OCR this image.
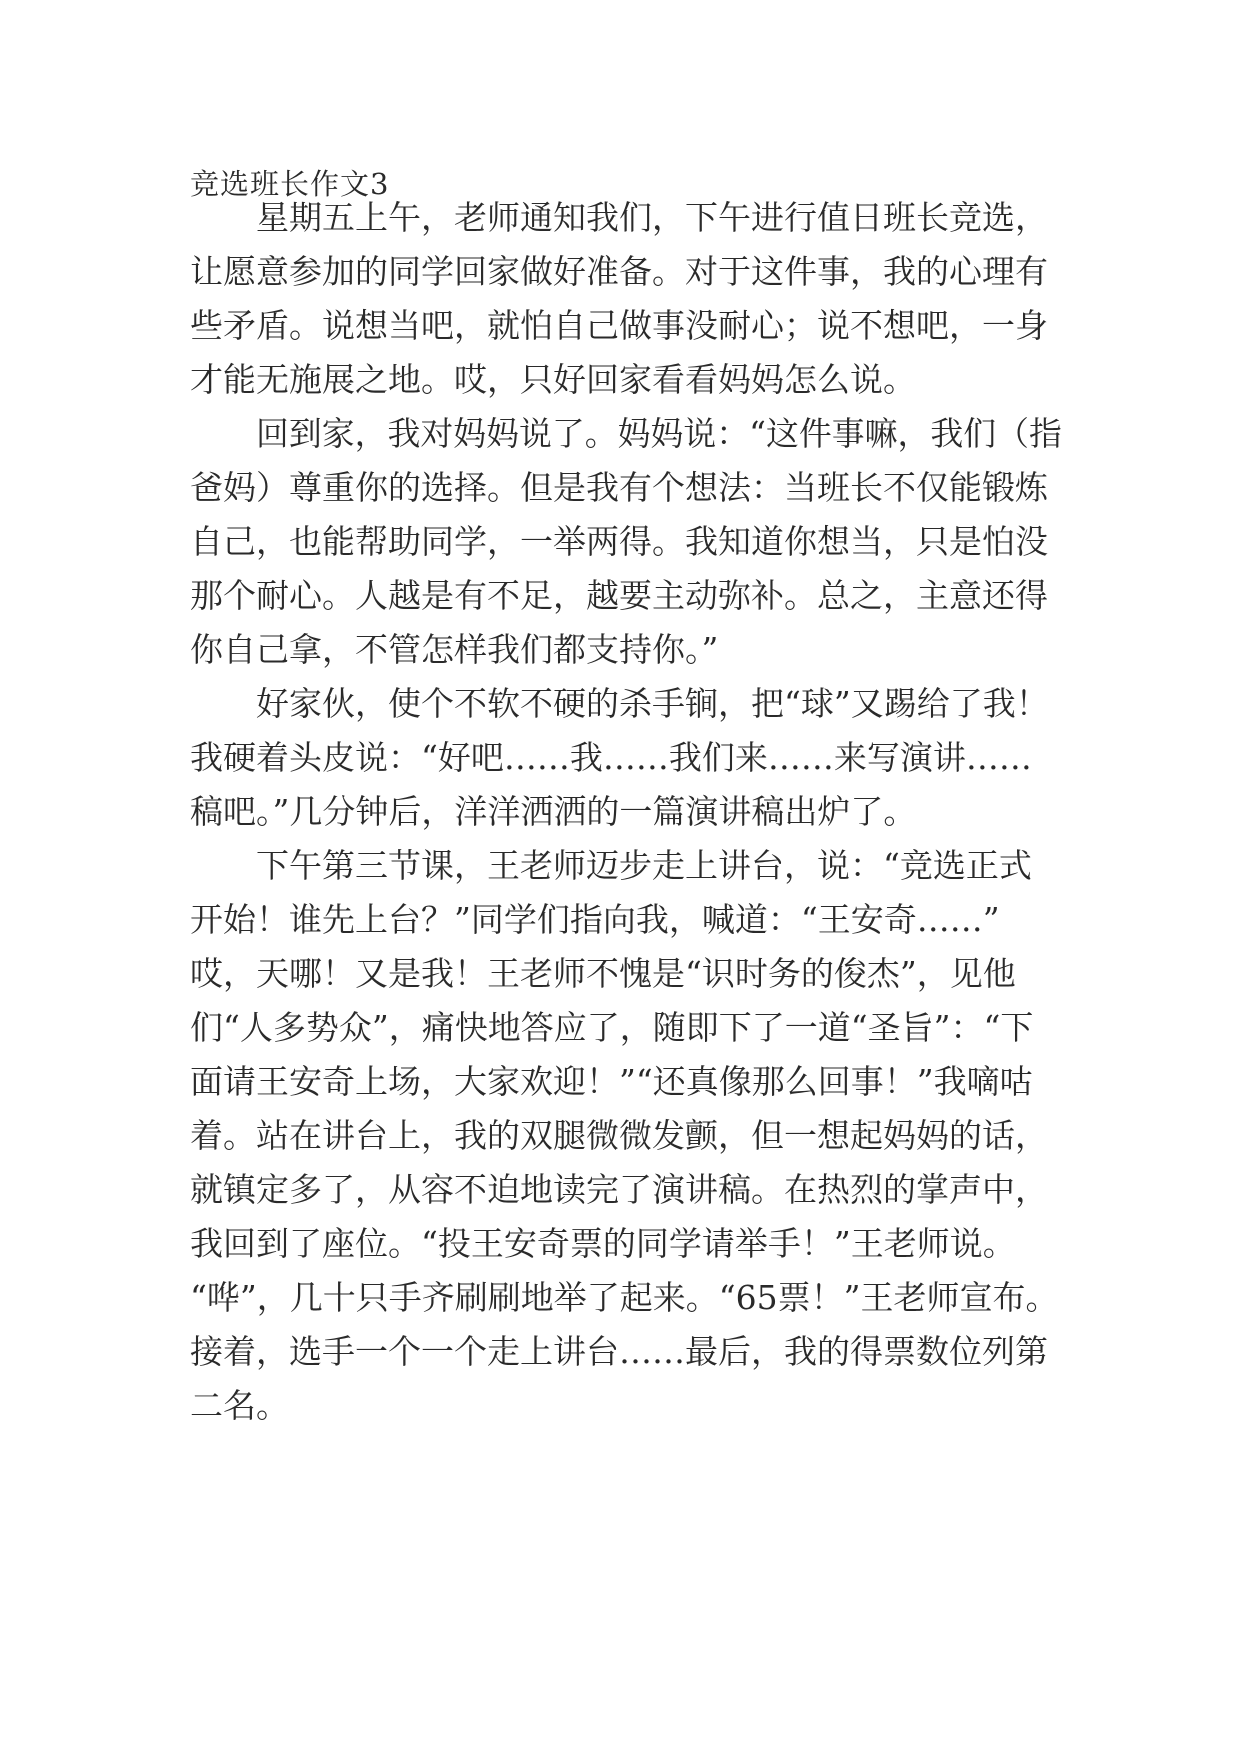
竞选班长作文3
星期五上午，老师通知我们，下午进行值日班长竞选，
让愿意参加的同学回家做好准备。对于这件事，我的心理有
些矛盾。说想当吧，就怕自己做事没耐心；说不想吧，一身
才能无施展之地。哎，只好回家看看妈妈怎么说。
回到家，我对妈妈说了。妈妈说：“这件事嘛，我们（指
爸妈）尊重你的选择。但是我有个想法：当班长不仅能锻炼
自己，也能帮助同学，一举两得。我知道你想当，只是怕没
那个耐心。人越是有不足，越要主动弥补。总之，主意还得
你自己拿，不管怎样我们都支持你。”
好家伙，使个不软不硬的杀手锏，把“球”又踢给了我！
我硬着头皮说：“好吧……我……我们来……来写演讲……
稿吧。”几分钟后，洋洋洒洒的一篇演讲稿出炉了。
下午第三节课，王老师迈步走上讲台，说：“竞选正式
开始！谁先上台？”同学们指向我，喊道：“王安奇……”
哎，天哪！又是我！王老师不愧是“识时务的俊杰”，见他
们“人多势众”，痛快地答应了，随即下了一道“圣旨”：“下
面请王安奇上场，大家欢迎！”“还真像那么回事！”我嘀咕
着。站在讲台上，我的双腿微微发颤，但一想起妈妈的话，
就镇定多了，从容不迫地读完了演讲稿。在热烈的掌声中，
我回到了座位。“投王安奇票的同学请举手！”王老师说。
“哗”，几十只手齐刷刷地举了起来。“65票！”王老师宣布。
接着，选手一个一个走上讲台……最后，我的得票数位列第
二名。
